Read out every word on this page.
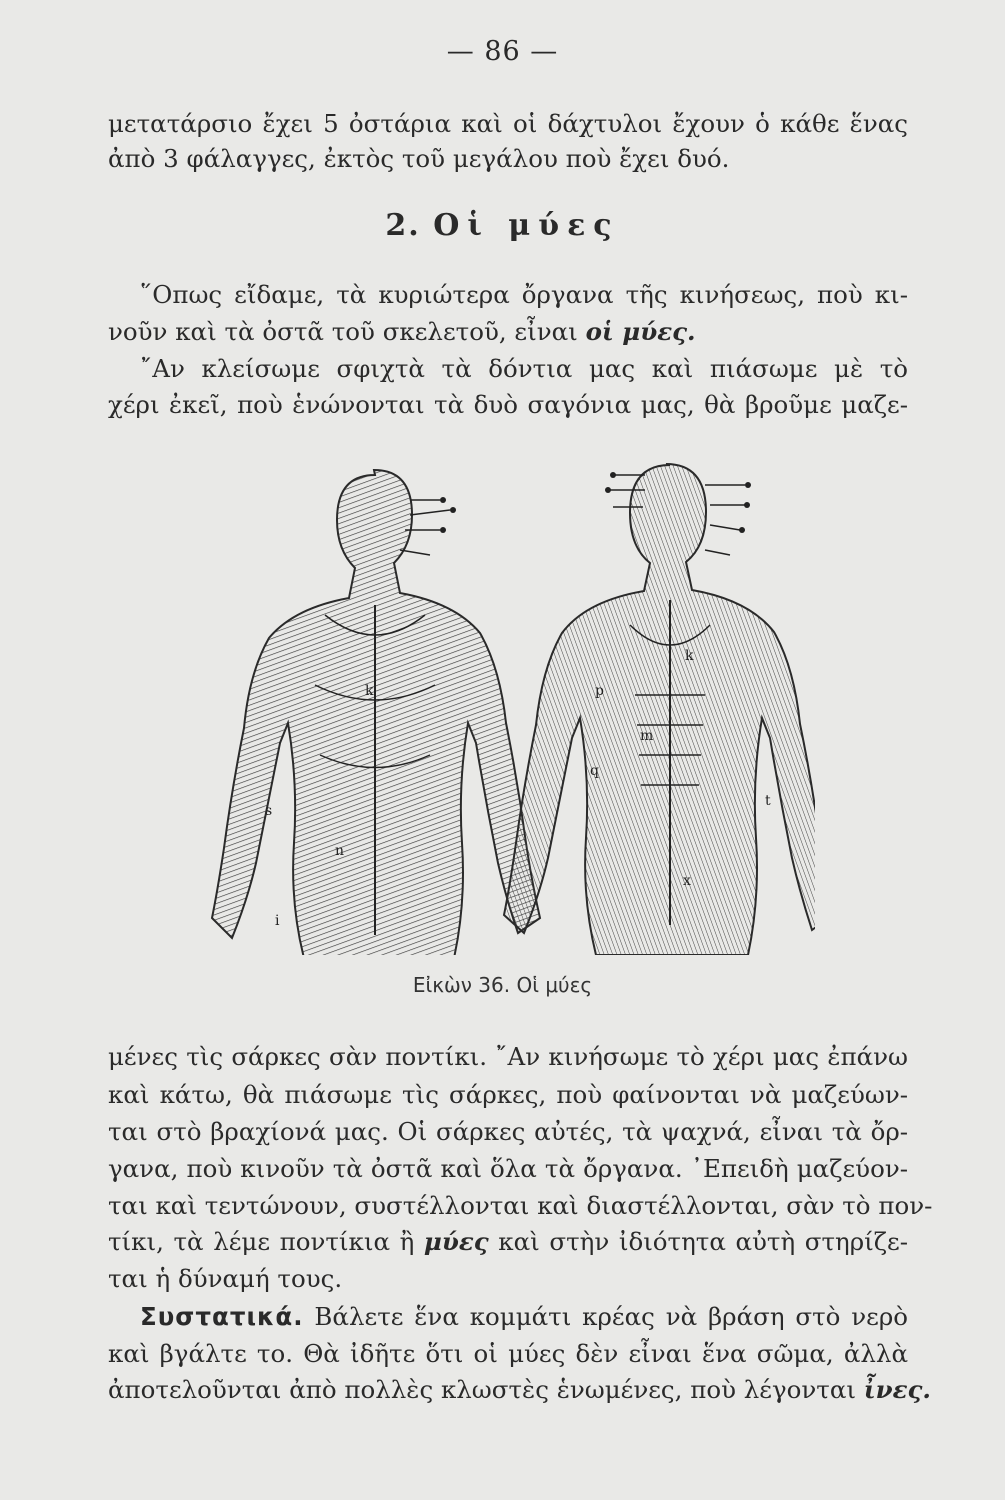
— 86 —
μετατάρσιο ἔχει 5 ὀστάρια καὶ οἱ δάχτυλοι ἔχουν ὁ κάθε ἕνας
ἀπὸ 3 φάλαγγες, ἐκτὸς τοῦ μεγάλου ποὺ ἔχει δυό.
2. Οἱ μύες
῞Οπως εἴδαμε, τὰ κυριώτερα ὄργανα τῆς κινήσεως, ποὺ κι-
νοῦν καὶ τὰ ὀστᾶ τοῦ σκελετοῦ, εἶναι οἱ μύες.
῎Αν κλείσωμε σφιχτὰ τὰ δόντια μας καὶ πιάσωμε μὲ τὸ
χέρι ἐκεῖ, ποὺ ἑνώνονται τὰ δυὸ σαγόνια μας, θὰ βροῦμε μαζε-
k
n
s
i
k
p
m
q
x
t
Εἰκὼν 36. Οἱ μύες
μένες τὶς σάρκες σὰν ποντίκι. ῎Αν κινήσωμε τὸ χέρι μας ἐπάνω
καὶ κάτω, θὰ πιάσωμε τὶς σάρκες, ποὺ φαίνονται νὰ μαζεύων-
ται στὸ βραχίονά μας. Οἱ σάρκες αὐτές, τὰ ψαχνά, εἶναι τὰ ὄρ-
γανα, ποὺ κινοῦν τὰ ὀστᾶ καὶ ὅλα τὰ ὄργανα. ᾿Επειδὴ μαζεύον-
ται καὶ τεντώνουν, συστέλλονται καὶ διαστέλλονται, σὰν τὸ πον-
τίκι, τὰ λέμε ποντίκια ἢ μύες καὶ στὴν ἰδιότητα αὐτὴ στηρίζε-
ται ἡ δύναμή τους.
Συστατικά. Βάλετε ἕνα κομμάτι κρέας νὰ βράση στὸ νερὸ
καὶ βγάλτε το. Θὰ ἰδῆτε ὅτι οἱ μύες δὲν εἶναι ἕνα σῶμα, ἀλλὰ
ἀποτελοῦνται ἀπὸ πολλὲς κλωστὲς ἑνωμένες, ποὺ λέγονται ἶνες.
